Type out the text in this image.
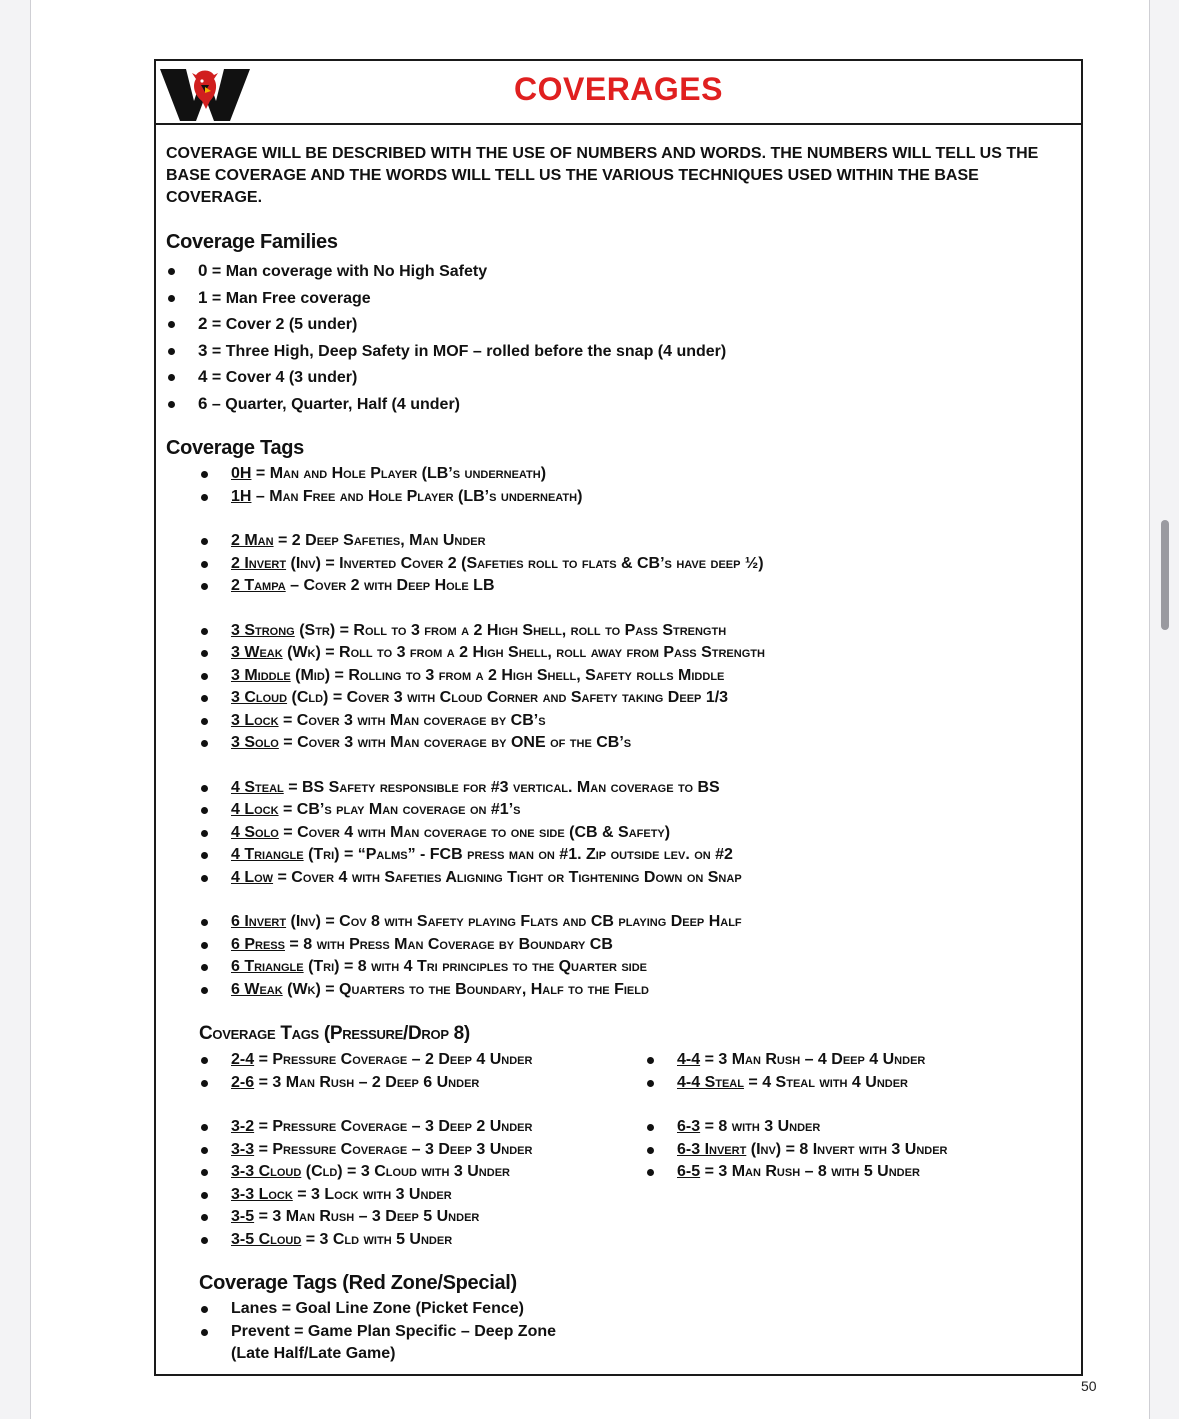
COVERAGES
COVERAGE WILL BE DESCRIBED WITH THE USE OF NUMBERS AND WORDS. THE NUMBERS WILL TELL US THE BASE COVERAGE AND THE WORDS WILL TELL US THE VARIOUS TECHNIQUES USED WITHIN THE BASE COVERAGE.
Coverage Families
0 = Man coverage with No High Safety
1 = Man Free coverage
2 = Cover 2 (5 under)
3 = Three High, Deep Safety in MOF – rolled before the snap (4 under)
4 = Cover 4 (3 under)
6 – Quarter, Quarter, Half (4 under)
Coverage Tags
0H = Man and Hole Player (LB’s underneath)
1H – Man Free and Hole Player (LB’s underneath)
2 Man = 2 Deep Safeties, Man Under
2 Invert (Inv) = Inverted Cover 2 (Safeties roll to flats & CB’s have deep ½)
2 Tampa – Cover 2 with Deep Hole LB
3 Strong (Str) = Roll to 3 from a 2 High Shell, roll to Pass Strength
3 Weak (Wk) = Roll to 3 from a 2 High Shell, roll away from Pass Strength
3 Middle (Mid) = Rolling to 3 from a 2 High Shell, Safety rolls Middle
3 Cloud (Cld) = Cover 3 with Cloud Corner and Safety taking Deep 1/3
3 Lock = Cover 3 with Man coverage by CB’s
3 Solo = Cover 3 with Man coverage by ONE of the CB’s
4 Steal = BS Safety responsible for #3 vertical. Man coverage to BS
4 Lock = CB’s play Man coverage on #1’s
4 Solo = Cover 4 with Man coverage to one side (CB & Safety)
4 Triangle (Tri) = “Palms” - FCB press man on #1. Zip outside lev. on #2
4 Low = Cover 4 with Safeties Aligning Tight or Tightening Down on Snap
6 Invert (Inv) = Cov 8 with Safety playing Flats and CB playing Deep Half
6 Press = 8 with Press Man Coverage by Boundary CB
6 Triangle (Tri) = 8 with 4 Tri principles to the Quarter side
6 Weak (Wk) = Quarters to the Boundary, Half to the Field
Coverage Tags (Pressure/Drop 8)
2-4 = Pressure Coverage – 2 Deep 4 Under
2-6 = 3 Man Rush – 2 Deep 6 Under
3-2 = Pressure Coverage – 3 Deep 2 Under
3-3 = Pressure Coverage – 3 Deep 3 Under
3-3 Cloud (Cld) = 3 Cloud with 3 Under
3-3 Lock = 3 Lock with 3 Under
3-5 = 3 Man Rush – 3 Deep 5 Under
3-5 Cloud = 3 Cld with 5 Under
4-4 = 3 Man Rush – 4 Deep 4 Under
4-4 Steal = 4 Steal with 4 Under
6-3 = 8 with 3 Under
6-3 Invert (Inv) = 8 Invert with 3 Under
6-5 = 3 Man Rush – 8 with 5 Under
Coverage Tags (Red Zone/Special)
Lanes = Goal Line Zone (Picket Fence)
Prevent = Game Plan Specific – Deep Zone
(Late Half/Late Game)
50
